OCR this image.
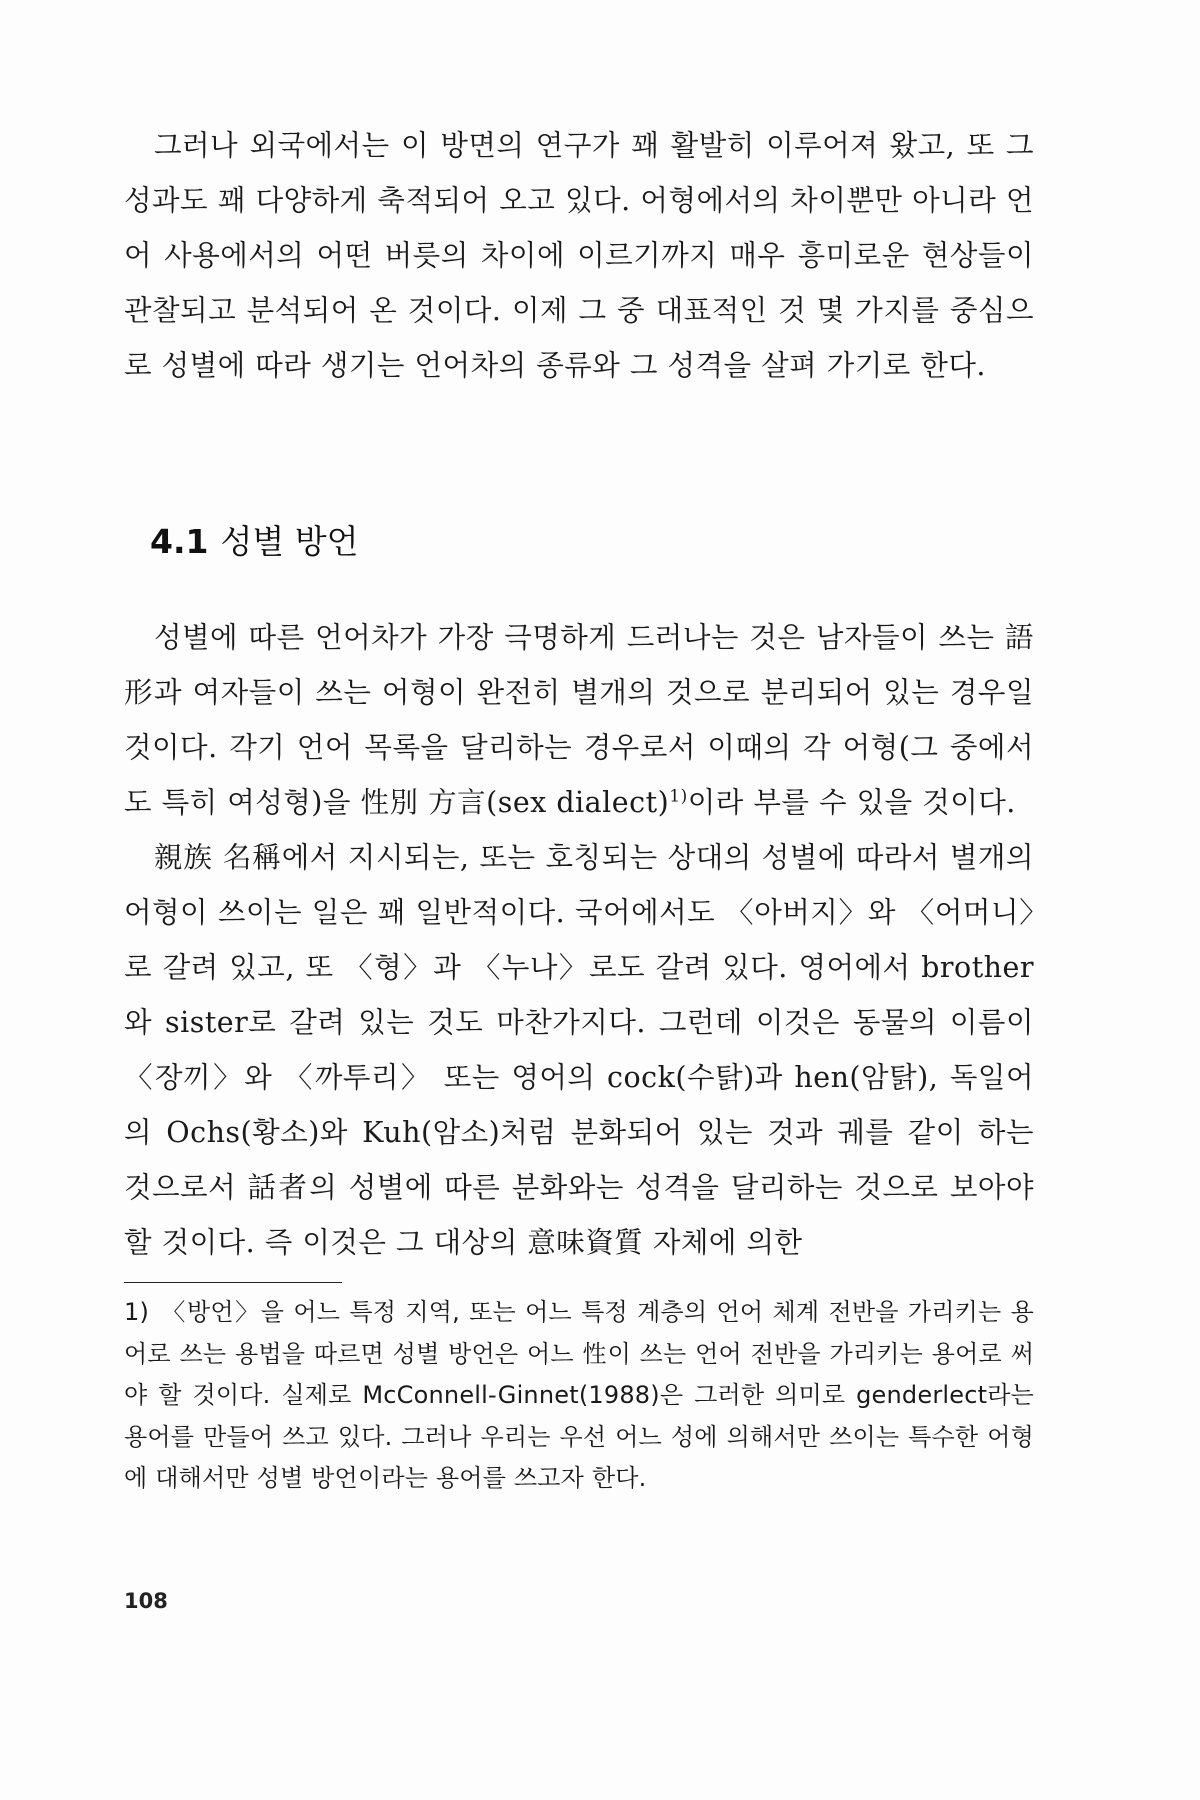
그러나 외국에서는 이 방면의 연구가 꽤 활발히 이루어져 왔고, 또 그 성과도 꽤 다양하게 축적되어 오고 있다. 어형에서의 차이뿐만 아니라 언어 사용에서의 어떤 버릇의 차이에 이르기까지 매우 흥미로운 현상들이 관찰되고 분석되어 온 것이다. 이제 그 중 대표적인 것 몇 가지를 중심으로 성별에 따라 생기는 언어차의 종류와 그 성격을 살펴 가기로 한다.

4.1 성별 방언

성별에 따른 언어차가 가장 극명하게 드러나는 것은 남자들이 쓰는 語形과 여자들이 쓰는 어형이 완전히 별개의 것으로 분리되어 있는 경우일 것이다. 각기 언어 목록을 달리하는 경우로서 이때의 각 어형(그 중에서도 특히 여성형)을 性別 方言(sex dialect)$^{1)}$이라 부를 수 있을 것이다.

親族 名稱에서 지시되는, 또는 호칭되는 상대의 성별에 따라서 별개의 어형이 쓰이는 일은 꽤 일반적이다. 국어에서도 〈아버지〉와 〈어머니〉로 갈려 있고, 또 〈형〉과 〈누나〉로도 갈려 있다. 영어에서 brother와 sister로 갈려 있는 것도 마찬가지다. 그런데 이것은 동물의 이름이 〈장끼〉와 〈까투리〉 또는 영어의 cock(수탉)과 hen(암탉), 독일어의 Ochs(황소)와 Kuh(암소)처럼 분화되어 있는 것과 궤를 같이 하는 것으로서 話者의 성별에 따른 분화와는 성격을 달리하는 것으로 보아야 할 것이다. 즉 이것은 그 대상의 意味資質 자체에 의한

1) 〈방언〉을 어느 특정 지역, 또는 어느 특정 계층의 언어 체계 전반을 가리키는 용어로 쓰는 용법을 따르면 성별 방언은 어느 性이 쓰는 언어 전반을 가리키는 용어로 써야 할 것이다. 실제로 McConnell-Ginnet(1988)은 그러한 의미로 genderlect라는 용어를 만들어 쓰고 있다. 그러나 우리는 우선 어느 성에 의해서만 쓰이는 특수한 어형에 대해서만 성별 방언이라는 용어를 쓰고자 한다.
108
